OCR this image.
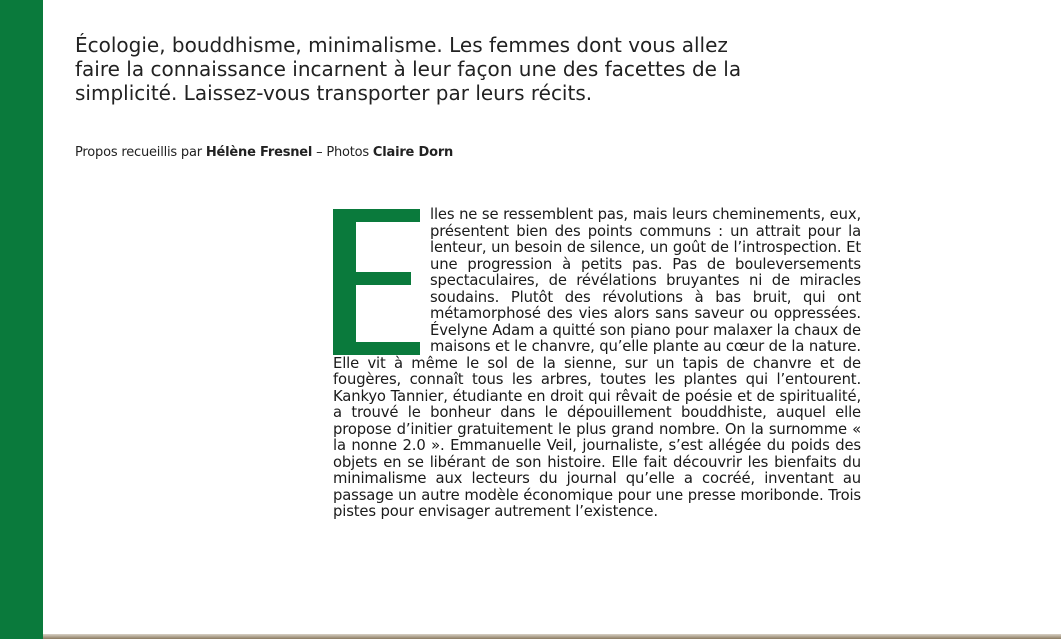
Écologie, bouddhisme, minimalisme. Les femmes dont vous allez faire la connaissance incarnent à leur façon une des facettes de la simplicité. Laissez-vous transporter par leurs récits.

Propos recueillis par Hélène Fresnel – Photos Claire Dorn

lles ne se ressemblent pas, mais leurs cheminements, eux, présentent bien des points communs : un attrait pour la lenteur, un besoin de silence, un goût de l’introspection. Et une progression à petits pas. Pas de bouleversements spectaculaires, de révélations bruyantes ni de miracles soudains. Plutôt des révolutions à bas bruit, qui ont métamorphosé des vies alors sans saveur ou oppressées. Évelyne Adam a quitté son piano pour malaxer la chaux de maisons et le chanvre, qu’elle plante au cœur de la nature. Elle vit à même le sol de la sienne, sur un tapis de chanvre et de fougères, connaît tous les arbres, toutes les plantes qui l’entourent. Kankyo Tannier, étudiante en droit qui rêvait de poésie et de spiritualité, a trouvé le bonheur dans le dépouillement bouddhiste, auquel elle propose d’initier gratuitement le plus grand nombre. On la surnomme « la nonne 2.0 ». Emmanuelle Veil, journaliste, s’est allégée du poids des objets en se libérant de son histoire. Elle fait découvrir les bienfaits du minimalisme aux lecteurs du journal qu’elle a cocréé, inventant au passage un autre modèle économique pour une presse moribonde. Trois pistes pour envisager autrement l’existence.
